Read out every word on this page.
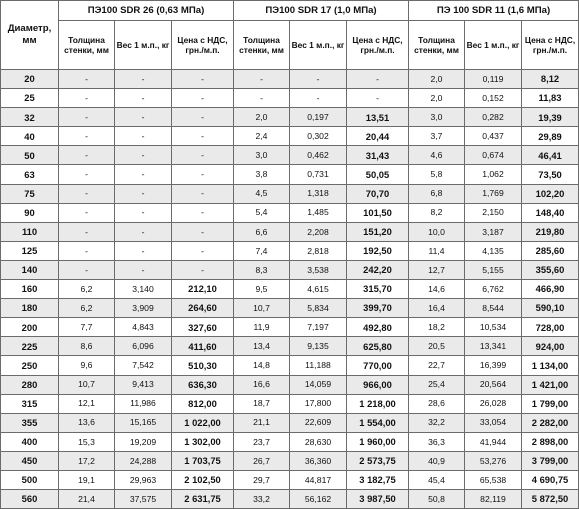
Диаметр, мм	ПЭ100 SDR 26 (0,63 МПа)			ПЭ100 SDR 17 (1,0 МПа)			ПЭ 100 SDR 11 (1,6 МПа)		
	Толщина стенки, мм	Вес 1 м.п., кг	Цена с НДС, грн./м.п.	Толщина стенки, мм	Вес 1 м.п., кг	Цена с НДС, грн./м.п.	Толщина стенки, мм	Вес 1 м.п., кг	Цена с НДС, грн./м.п.
20	-	-	-	-	-	-	2,0	0,119	8,12
25	-	-	-	-	-	-	2,0	0,152	11,83
32	-	-	-	2,0	0,197	13,51	3,0	0,282	19,39
40	-	-	-	2,4	0,302	20,44	3,7	0,437	29,89
50	-	-	-	3,0	0,462	31,43	4,6	0,674	46,41
63	-	-	-	3,8	0,731	50,05	5,8	1,062	73,50
75	-	-	-	4,5	1,318	70,70	6,8	1,769	102,20
90	-	-	-	5,4	1,485	101,50	8,2	2,150	148,40
110	-	-	-	6,6	2,208	151,20	10,0	3,187	219,80
125	-	-	-	7,4	2,818	192,50	11,4	4,135	285,60
140	-	-	-	8,3	3,538	242,20	12,7	5,155	355,60
160	6,2	3,140	212,10	9,5	4,615	315,70	14,6	6,762	466,90
180	6,2	3,909	264,60	10,7	5,834	399,70	16,4	8,544	590,10
200	7,7	4,843	327,60	11,9	7,197	492,80	18,2	10,534	728,00
225	8,6	6,096	411,60	13,4	9,135	625,80	20,5	13,341	924,00
250	9,6	7,542	510,30	14,8	11,188	770,00	22,7	16,399	1 134,00
280	10,7	9,413	636,30	16,6	14,059	966,00	25,4	20,564	1 421,00
315	12,1	11,986	812,00	18,7	17,800	1 218,00	28,6	26,028	1 799,00
355	13,6	15,165	1 022,00	21,1	22,609	1 554,00	32,2	33,054	2 282,00
400	15,3	19,209	1 302,00	23,7	28,630	1 960,00	36,3	41,944	2 898,00
450	17,2	24,288	1 703,75	26,7	36,360	2 573,75	40,9	53,276	3 799,00
500	19,1	29,963	2 102,50	29,7	44,817	3 182,75	45,4	65,538	4 690,75
560	21,4	37,575	2 631,75	33,2	56,162	3 987,50	50,8	82,119	5 872,50
